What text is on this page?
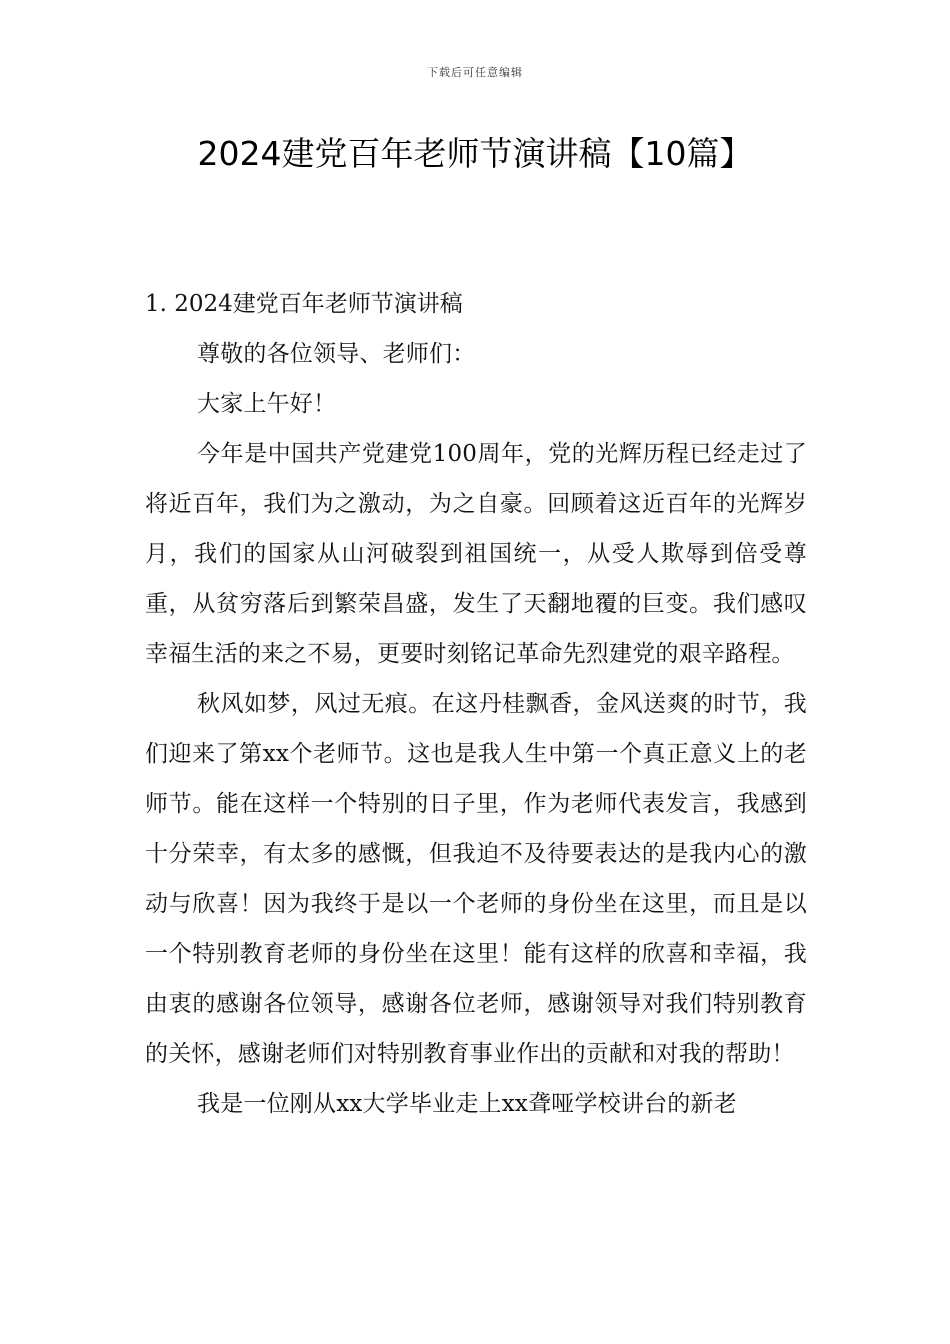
下载后可任意编辑
2024建党百年老师节演讲稿【10篇】

1. 2024建党百年老师节演讲稿

尊敬的各位领导、老师们：

大家上午好！

今年是中国共产党建党100周年，党的光辉历程已经走过了将近百年，我们为之激动，为之自豪。回顾着这近百年的光辉岁月，我们的国家从山河破裂到祖国统一，从受人欺辱到倍受尊重，从贫穷落后到繁荣昌盛，发生了天翻地覆的巨变。我们感叹幸福生活的来之不易，更要时刻铭记革命先烈建党的艰辛路程。

秋风如梦，风过无痕。在这丹桂飘香，金风送爽的时节，我们迎来了第xx个老师节。这也是我人生中第一个真正意义上的老师节。能在这样一个特别的日子里，作为老师代表发言，我感到十分荣幸，有太多的感慨，但我迫不及待要表达的是我内心的激动与欣喜！因为我终于是以一个老师的身份坐在这里，而且是以一个特别教育老师的身份坐在这里！能有这样的欣喜和幸福，我由衷的感谢各位领导，感谢各位老师，感谢领导对我们特别教育的关怀，感谢老师们对特别教育事业作出的贡献和对我的帮助！

我是一位刚从xx大学毕业走上xx聋哑学校讲台的新老
